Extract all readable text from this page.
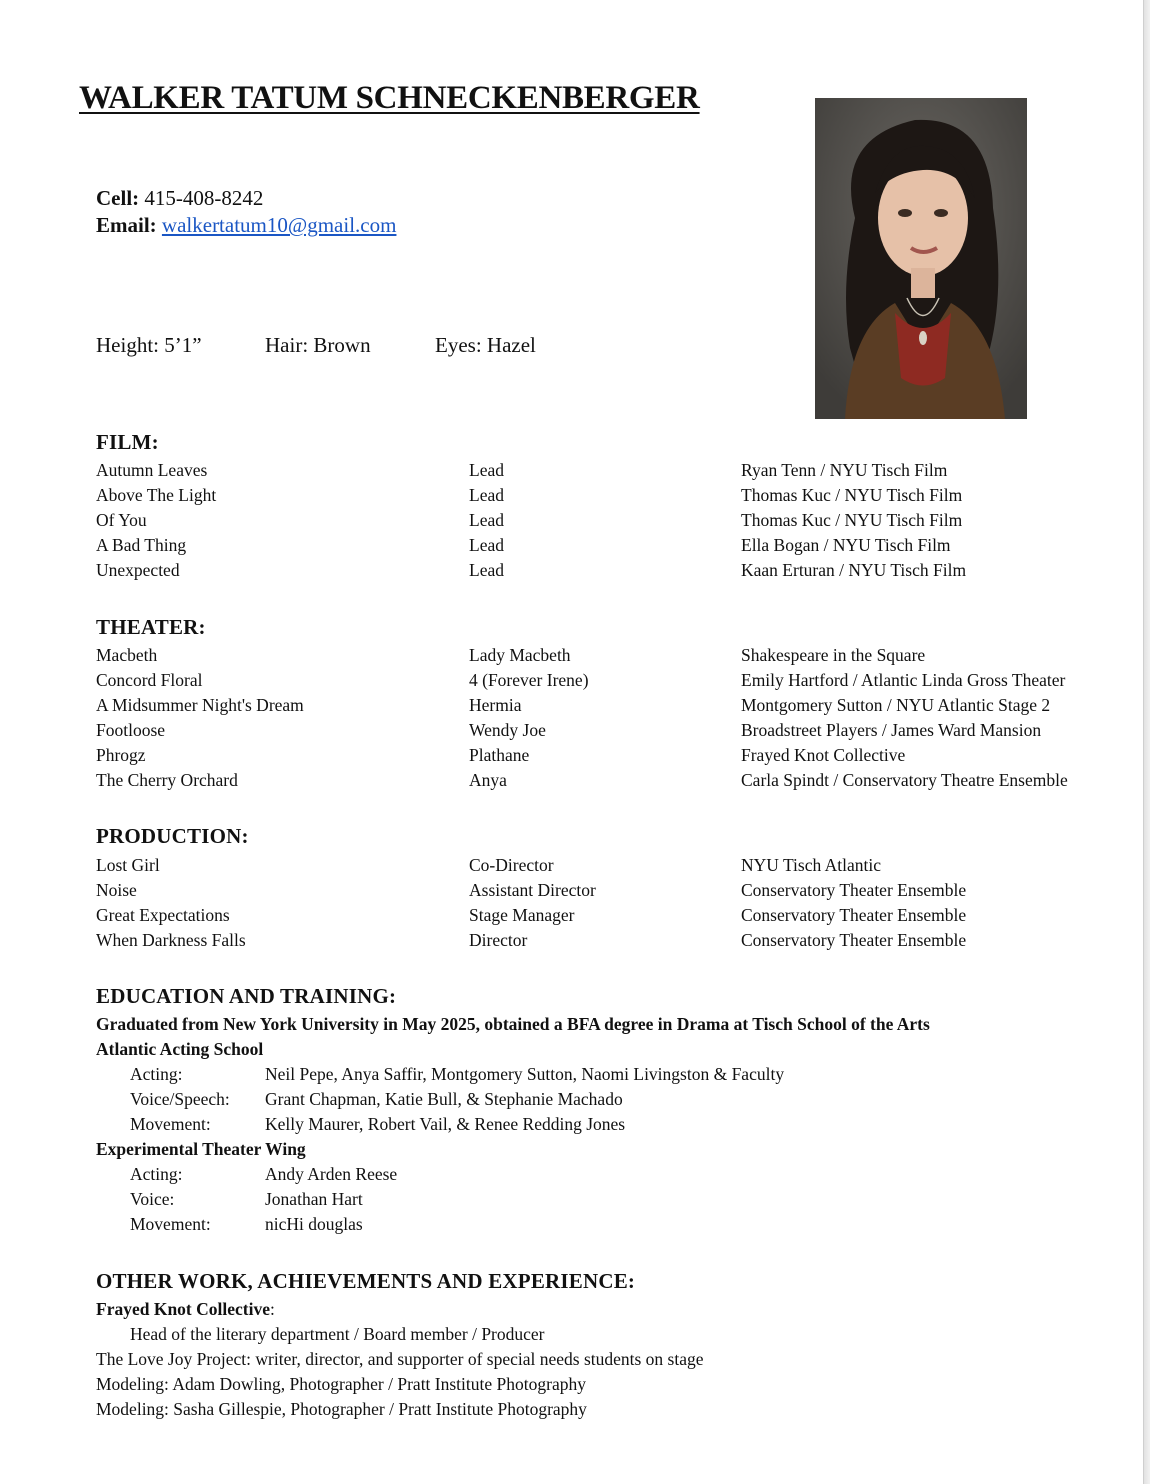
WALKER TATUM SCHNECKENBERGER
Cell: 415-408-8242
Email: walkertatum10@gmail.com
Height: 5’1”	Hair: Brown	Eyes: Hazel
FILM:
Autumn Leaves	Lead	Ryan Tenn / NYU Tisch Film
Above The Light	Lead	Thomas Kuc / NYU Tisch Film
Of You	Lead	Thomas Kuc / NYU Tisch Film
A Bad Thing	Lead	Ella Bogan / NYU Tisch Film
Unexpected	Lead	Kaan Erturan / NYU Tisch Film
THEATER:
Macbeth	Lady Macbeth	Shakespeare in the Square
Concord Floral	4 (Forever Irene)	Emily Hartford / Atlantic Linda Gross Theater
A Midsummer Night's Dream	Hermia	Montgomery Sutton / NYU Atlantic Stage 2
Footloose	Wendy Joe	Broadstreet Players / James Ward Mansion
Phrogz	Plathane	Frayed Knot Collective
The Cherry Orchard	Anya	Carla Spindt / Conservatory Theatre Ensemble
PRODUCTION:
Lost Girl	Co-Director	NYU Tisch Atlantic
Noise	Assistant Director	Conservatory Theater Ensemble
Great Expectations	Stage Manager	Conservatory Theater Ensemble
When Darkness Falls	Director	Conservatory Theater Ensemble
EDUCATION AND TRAINING:
Graduated from New York University in May 2025, obtained a BFA degree in Drama at Tisch School of the Arts
Atlantic Acting School
Acting:	Neil Pepe, Anya Saffir, Montgomery Sutton, Naomi Livingston & Faculty
Voice/Speech: Grant Chapman, Katie Bull, & Stephanie Machado
Movement:	Kelly Maurer, Robert Vail, & Renee Redding Jones
Experimental Theater Wing
Acting:	Andy Arden Reese
Voice:	Jonathan Hart
Movement:	nicHi douglas
OTHER WORK, ACHIEVEMENTS AND EXPERIENCE:
Frayed Knot Collective:
Head of the literary department / Board member / Producer
The Love Joy Project: writer, director, and supporter of special needs students on stage
Modeling: Adam Dowling, Photographer / Pratt Institute Photography
Modeling: Sasha Gillespie, Photographer / Pratt Institute Photography
